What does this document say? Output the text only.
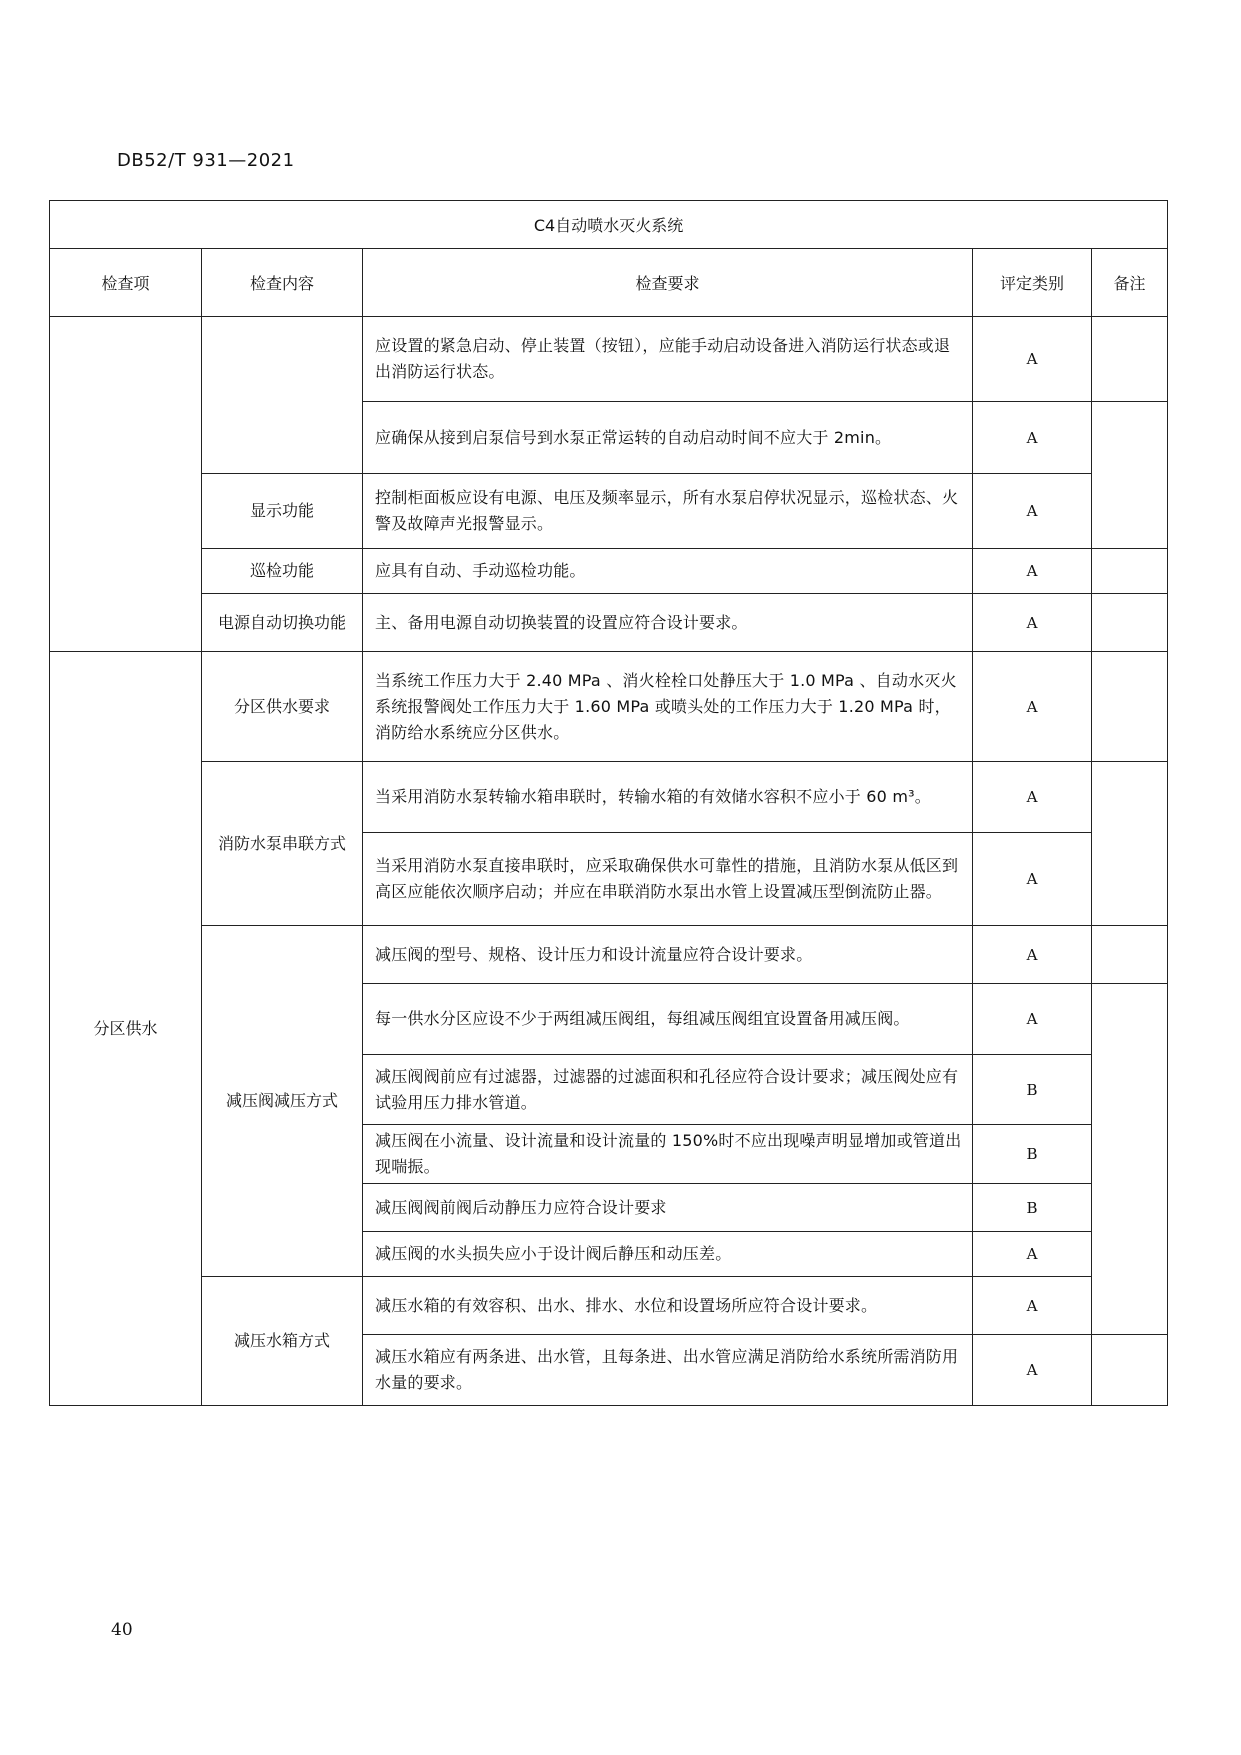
DB52/T 931—2021
C4自动喷水灭火系统				
检查项	检查内容	检查要求	评定类别	备注
		应设置的紧急启动、停止装置（按钮），应能手动启动设备进入消防运行状态或退出消防运行状态。	A	
		应确保从接到启泵信号到水泵正常运转的自动启动时间不应大于 2min。	A	
	显示功能	控制柜面板应设有电源、电压及频率显示，所有水泵启停状况显示，巡检状态、火警及故障声光报警显示。	A	
	巡检功能	应具有自动、手动巡检功能。	A	
	电源自动切换功能	主、备用电源自动切换装置的设置应符合设计要求。	A	
分区供水	分区供水要求	当系统工作压力大于 2.40 MPa 、消火栓栓口处静压大于 1.0 MPa 、自动水灭火系统报警阀处工作压力大于 1.60 MPa 或喷头处的工作压力大于 1.20 MPa 时，消防给水系统应分区供水。	A	
	消防水泵串联方式	当采用消防水泵转输水箱串联时，转输水箱的有效储水容积不应小于 60 m³。	A	
		当采用消防水泵直接串联时，应采取确保供水可靠性的措施，且消防水泵从低区到高区应能依次顺序启动；并应在串联消防水泵出水管上设置减压型倒流防止器。	A	
	减压阀减压方式	减压阀的型号、规格、设计压力和设计流量应符合设计要求。	A	
		每一供水分区应设不少于两组减压阀组，每组减压阀组宜设置备用减压阀。	A	
		减压阀阀前应有过滤器，过滤器的过滤面积和孔径应符合设计要求；减压阀处应有试验用压力排水管道。	B	
		减压阀在小流量、设计流量和设计流量的 150%时不应出现噪声明显增加或管道出现喘振。	B	
		减压阀阀前阀后动静压力应符合设计要求	B	
		减压阀的水头损失应小于设计阀后静压和动压差。	A	
	减压水箱方式	减压水箱的有效容积、出水、排水、水位和设置场所应符合设计要求。	A	
		减压水箱应有两条进、出水管，且每条进、出水管应满足消防给水系统所需消防用水量的要求。	A	
40
